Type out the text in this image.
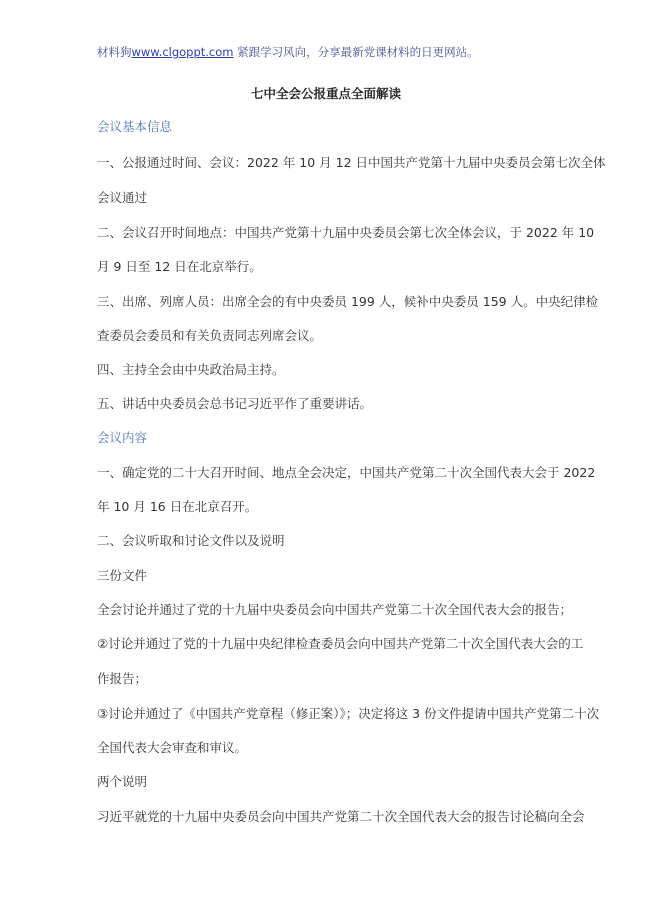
材料狗www.clgoppt.com 紧跟学习风向，分享最新党课材料的日更网站。
七中全会公报重点全面解读
会议基本信息
一、公报通过时间、会议：2022 年 10 月 12 日中国共产党第十九届中央委员会第七次全体
会议通过
二、会议召开时间地点：中国共产党第十九届中央委员会第七次全体会议，于 2022 年 10
月 9 日至 12 日在北京举行。
三、出席、列席人员：出席全会的有中央委员 199 人，候补中央委员 159 人。中央纪律检
查委员会委员和有关负责同志列席会议。
四、主持全会由中央政治局主持。
五、讲话中央委员会总书记习近平作了重要讲话。
会议内容
一、确定党的二十大召开时间、地点全会决定，中国共产党第二十次全国代表大会于 2022
年 10 月 16 日在北京召开。
二、会议听取和讨论文件以及说明
三份文件
全会讨论并通过了党的十九届中央委员会向中国共产党第二十次全国代表大会的报告；
②讨论并通过了党的十九届中央纪律检查委员会向中国共产党第二十次全国代表大会的工
作报告；
③讨论并通过了《中国共产党章程（修正案）》；决定将这 3 份文件提请中国共产党第二十次
全国代表大会审查和审议。
两个说明
习近平就党的十九届中央委员会向中国共产党第二十次全国代表大会的报告讨论稿向全会
